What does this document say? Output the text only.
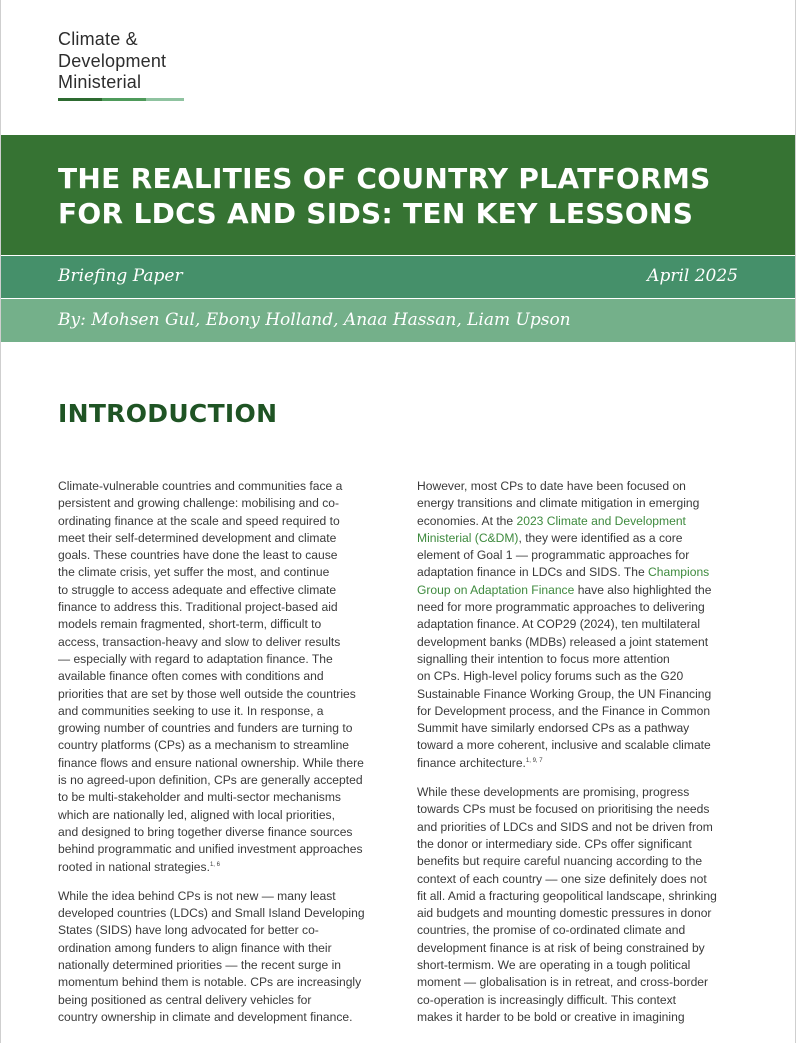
Climate &
Development
Ministerial
THE REALITIES OF COUNTRY PLATFORMS
FOR LDCS AND SIDS: TEN KEY LESSONS
Briefing Paper	April 2025
By: Mohsen Gul, Ebony Holland, Anaa Hassan, Liam Upson
INTRODUCTION

Climate-vulnerable countries and communities face a
persistent and growing challenge: mobilising and co-
ordinating finance at the scale and speed required to
meet their self-determined development and climate
goals. These countries have done the least to cause
the climate crisis, yet suffer the most, and continue
to struggle to access adequate and effective climate
finance to address this. Traditional project-based aid
models remain fragmented, short-term, difficult to
access, transaction-heavy and slow to deliver results
— especially with regard to adaptation finance. The
available finance often comes with conditions and
priorities that are set by those well outside the countries
and communities seeking to use it. In response, a
growing number of countries and funders are turning to
country platforms (CPs) as a mechanism to streamline
finance flows and ensure national ownership. While there
is no agreed-upon definition, CPs are generally accepted
to be multi-stakeholder and multi-sector mechanisms
which are nationally led, aligned with local priorities,
and designed to bring together diverse finance sources
behind programmatic and unified investment approaches
rooted in national strategies.$^{1, 6}$

While the idea behind CPs is not new — many least
developed countries (LDCs) and Small Island Developing
States (SIDS) have long advocated for better co-
ordination among funders to align finance with their
nationally determined priorities — the recent surge in
momentum behind them is notable. CPs are increasingly
being positioned as central delivery vehicles for
country ownership in climate and development finance.

However, most CPs to date have been focused on
energy transitions and climate mitigation in emerging
economies. At the 2023 Climate and Development
Ministerial (C&DM), they were identified as a core
element of Goal 1 — programmatic approaches for
adaptation finance in LDCs and SIDS. The Champions
Group on Adaptation Finance have also highlighted the
need for more programmatic approaches to delivering
adaptation finance. At COP29 (2024), ten multilateral
development banks (MDBs) released a joint statement
signalling their intention to focus more attention
on CPs. High-level policy forums such as the G20
Sustainable Finance Working Group, the UN Financing
for Development process, and the Finance in Common
Summit have similarly endorsed CPs as a pathway
toward a more coherent, inclusive and scalable climate
finance architecture.$^{1, 9, 7}$

While these developments are promising, progress
towards CPs must be focused on prioritising the needs
and priorities of LDCs and SIDS and not be driven from
the donor or intermediary side. CPs offer significant
benefits but require careful nuancing according to the
context of each country — one size definitely does not
fit all. Amid a fracturing geopolitical landscape, shrinking
aid budgets and mounting domestic pressures in donor
countries, the promise of co-ordinated climate and
development finance is at risk of being constrained by
short-termism. We are operating in a tough political
moment — globalisation is in retreat, and cross-border
co-operation is increasingly difficult. This context
makes it harder to be bold or creative in imagining
